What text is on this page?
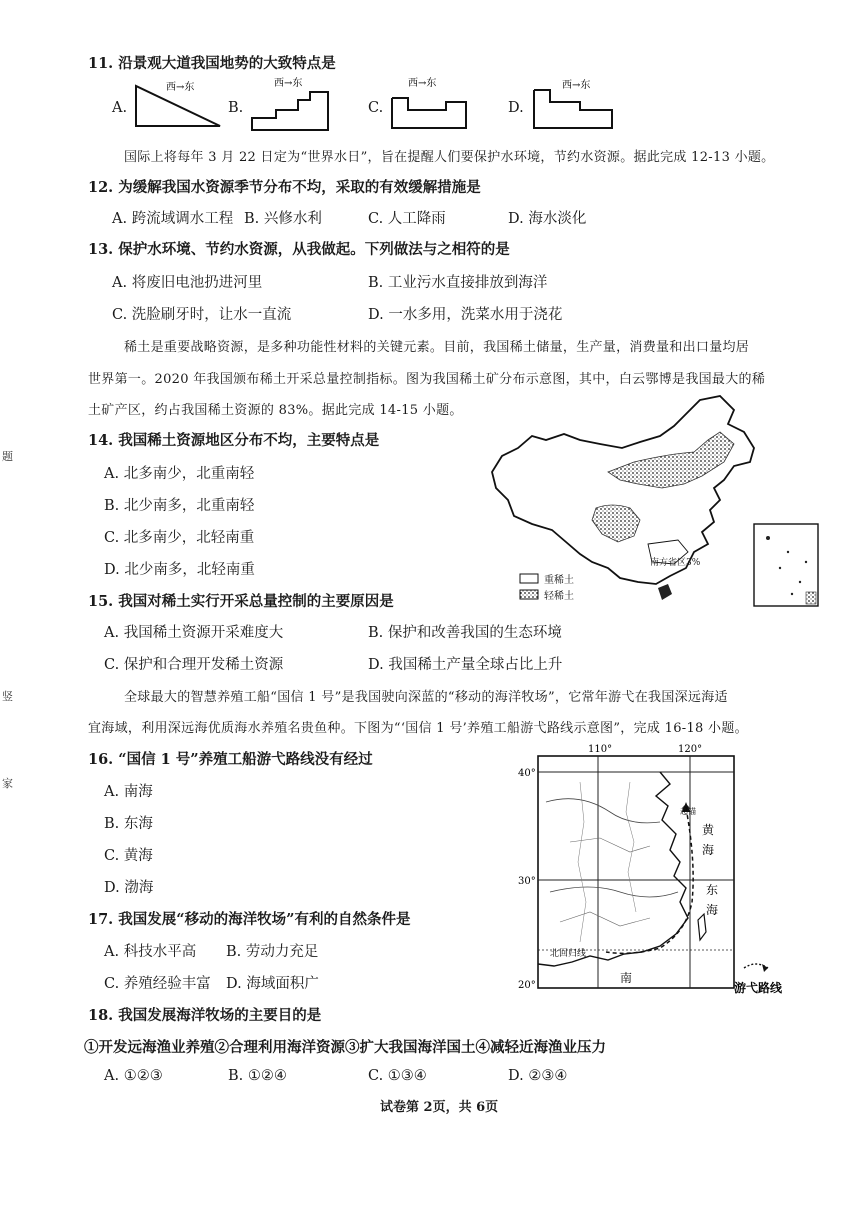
题
竖
家
11. 沿景观大道我国地势的大致特点是
A.
西→东
B.
西→东
C.
西→东
D.
西→东
国际上将每年 3 月 22 日定为“世界水日”，旨在提醒人们要保护水环境，节约水资源。据此完成 12-13 小题。
12. 为缓解我国水资源季节分布不均，采取的有效缓解措施是
A. 跨流域调水工程 B. 兴修水利	C. 人工降雨	D. 海水淡化
13. 保护水环境、节约水资源，从我做起。下列做法与之相符的是
A. 将废旧电池扔进河里	B. 工业污水直接排放到海洋
C. 洗脸刷牙时，让水一直流	D. 一水多用，洗菜水用于浇花
稀土是重要战略资源，是多种功能性材料的关键元素。目前，我国稀土储量，生产量，消费量和出口量均居
世界第一。2020 年我国颁布稀土开采总量控制指标。图为我国稀土矿分布示意图，其中，白云鄂博是我国最大的稀
土矿产区，约占我国稀土资源的 83%。据此完成 14-15 小题。
14. 我国稀土资源地区分布不均，主要特点是
A. 北多南少，北重南轻
B. 北少南多，北重南轻
C. 北多南少，北轻南重
D. 北少南多，北轻南重	南方省区3%
重稀土
轻稀土
15. 我国对稀土实行开采总量控制的主要原因是
A. 我国稀土资源开采难度大	B. 保护和改善我国的生态环境
C. 保护和合理开发稀土资源	D. 我国稀土产量全球占比上升
全球最大的智慧养殖工船“国信 1 号”是我国驶向深蓝的“移动的海洋牧场”，它常年游弋在我国深远海适
宜海域，利用深远海优质海水养殖名贵鱼种。下图为“‘国信 1 号’养殖工船游弋路线示意图”，完成 16-18 小题。
16. “国信 1 号”养殖工船游弋路线没有经过
A. 南海
B. 东海
C. 黄海
D. 渤海
110°	120°
40°
30°
20°
北回归线
起锚
黄
海
东
海
南
游弋路线
17. 我国发展“移动的海洋牧场”有利的自然条件是
A. 科技水平高 B. 劳动力充足
C. 养殖经验丰富 D. 海域面积广
18. 我国发展海洋牧场的主要目的是
①开发远海渔业养殖②合理利用海洋资源③扩大我国海洋国土④减轻近海渔业压力
A. ①②③	B. ①②④	C. ①③④	D. ②③④
试卷第 2页，共 6页
